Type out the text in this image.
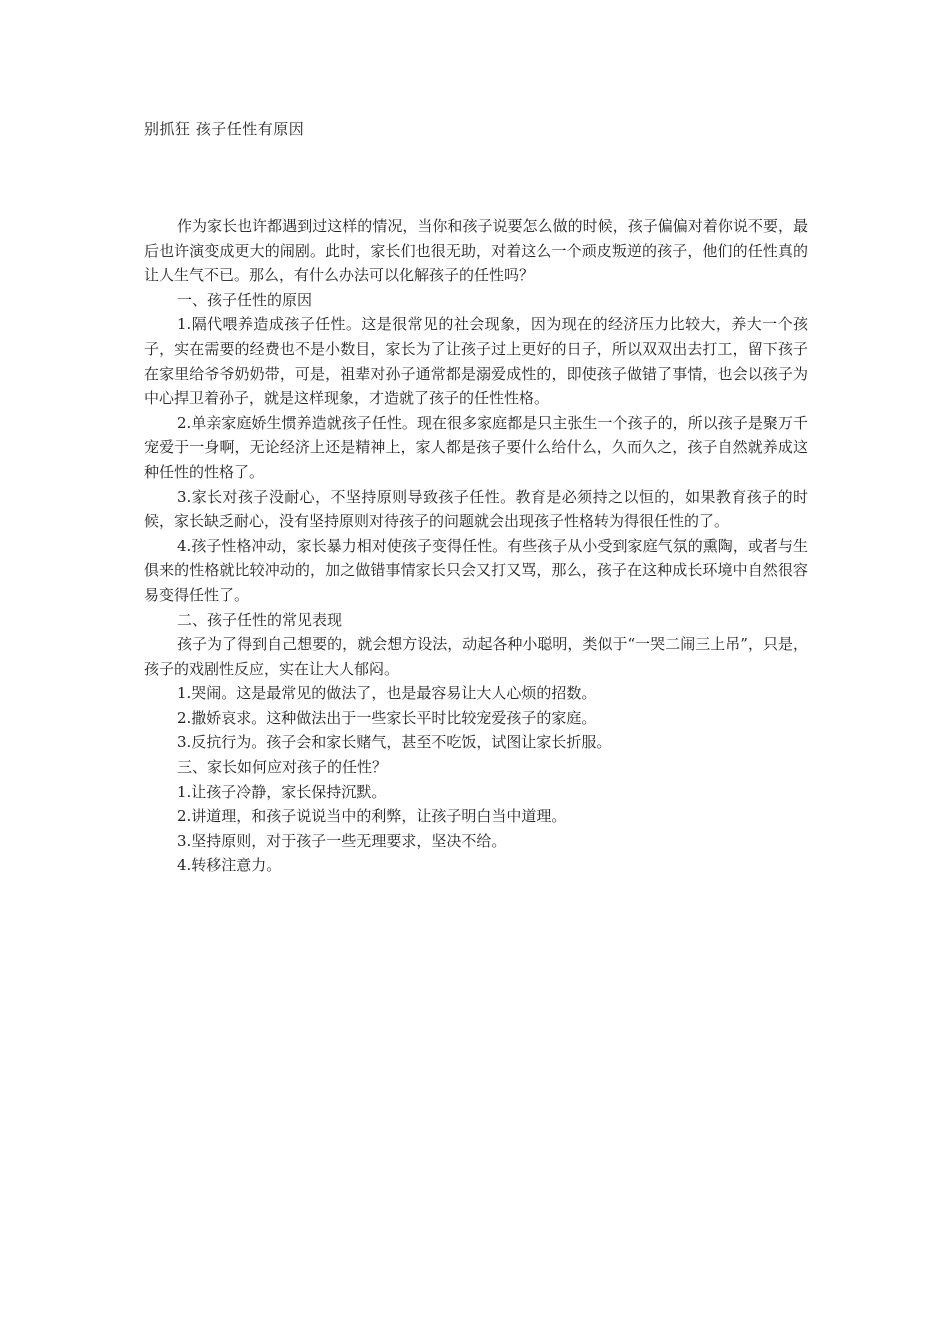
别抓狂 孩子任性有原因

作为家长也许都遇到过这样的情况，当你和孩子说要怎么做的时候，孩子偏偏对着你说不要，最后也许演变成更大的闹剧。此时，家长们也很无助，对着这么一个顽皮叛逆的孩子，他们的任性真的让人生气不已。那么，有什么办法可以化解孩子的任性吗？

一、孩子任性的原因

1.隔代喂养造成孩子任性。这是很常见的社会现象，因为现在的经济压力比较大，养大一个孩子，实在需要的经费也不是小数目，家长为了让孩子过上更好的日子，所以双双出去打工，留下孩子在家里给爷爷奶奶带，可是，祖辈对孙子通常都是溺爱成性的，即使孩子做错了事情，也会以孩子为中心捍卫着孙子，就是这样现象，才造就了孩子的任性性格。

2.单亲家庭娇生惯养造就孩子任性。现在很多家庭都是只主张生一个孩子的，所以孩子是聚万千宠爱于一身啊，无论经济上还是精神上，家人都是孩子要什么给什么，久而久之，孩子自然就养成这种任性的性格了。

3.家长对孩子没耐心，不坚持原则导致孩子任性。教育是必须持之以恒的，如果教育孩子的时候，家长缺乏耐心，没有坚持原则对待孩子的问题就会出现孩子性格转为得很任性的了。

4.孩子性格冲动，家长暴力相对使孩子变得任性。有些孩子从小受到家庭气氛的熏陶，或者与生俱来的性格就比较冲动的，加之做错事情家长只会又打又骂，那么，孩子在这种成长环境中自然很容易变得任性了。

二、孩子任性的常见表现

孩子为了得到自己想要的，就会想方设法，动起各种小聪明，类似于“一哭二闹三上吊”，只是，孩子的戏剧性反应，实在让大人郁闷。

1.哭闹。这是最常见的做法了，也是最容易让大人心烦的招数。

2.撒娇哀求。这种做法出于一些家长平时比较宠爱孩子的家庭。

3.反抗行为。孩子会和家长赌气，甚至不吃饭，试图让家长折服。

三、家长如何应对孩子的任性？

1.让孩子冷静，家长保持沉默。

2.讲道理，和孩子说说当中的利弊，让孩子明白当中道理。

3.坚持原则，对于孩子一些无理要求，坚决不给。

4.转移注意力。
